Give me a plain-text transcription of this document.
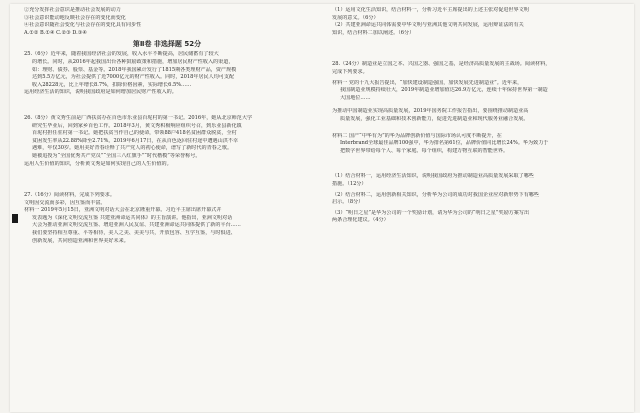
②充分发挥社会意识是推动社会发展的动力
③社会意识能动地反映社会存在的变化而变化
④社会意识随社会变化与社会存在的变化具有同步性
A.①② B.①④ C.②③ D.③④
第Ⅱ卷 非选择题 52分
25.（6分）近年来，随着我国经济社会的发展，收入水平不断提高，居民储蓄有了较大
的增长。同时，从2016年起我国出台各种鼓励政策和措施，增加居民财产性收入的渠道，
如：理财、债券、股票、基金等。2018年我国累计发行了1815期各类理财产品，资产规模
达到5.5万亿元，为社会提供了近7000亿元的财产性收入。同时，2018年居民人均可支配
收入28228元，比上年增长8.7%，扣除价格因素，实际增长6.5%……
运用经济生活的知识，说明我国政府是如何增加居民财产性收入的。
26.（8分）黄文秀生前是广西扶贫办在百色市乐业县百坭村的第一书记。2016年，她从北京师范大学
研究生毕业后，回到家乡百色工作。2018年3月，黄文秀积极响应组织号召，到乐业县新化镇
百坭村担任驻村第一书记。她把扶贫当作自己的使命，带领88户418名贫困群众脱贫，全村
贫困发生率从22.88%降至2.71%。2019年6月17日，在从百色返回驻村途中遭遇山洪不幸
遇难，年仅30岁。她用美好青春诠释了共产党人的初心使命，谱写了新时代的青春之歌。
她被追授为“全国优秀共产党员”“全国三八红旗手”“时代楷模”等荣誉称号。
运用人生价值的知识，分析黄文秀是如何实现自己的人生价值的。
27.（16分）阅读材料，完成下列要求。
文明因交流而多彩，因互鉴而丰富。
材料一 2019年5月15日，亚洲文明对话大会在北京隆重开幕。习近平主席出席开幕式并
发表题为《深化文明交流互鉴 共建亚洲命运共同体》的主旨演讲。他指出，亚洲文明对话
大会为推动亚洲文明交流互鉴、增进亚洲人民友谊、共建亚洲命运共同体提供了新的平台……
我们要坚持相互尊重、平等相待，美人之美、美美与共，开放包容、互学互鉴，与时俱进、
创新发展，共同创造亚洲和世界美好未来。
（1）运用文化生活知识，结合材料一，分析习近平主席提出的上述主张对促进世界文明
发展的意义。（6分）
（2）共建亚洲命运共同体需要中华文明与亚洲其他文明共同发展，运用辩证法的有关
知识，结合材料二加以阐述。（6分）
28.（24分）制造业是立国之本、兴国之器、强国之基，是经济高质量发展的主战场。阅读材料，
完成下列要求。
材料一 党的十九大报告提出，“加快建设制造强国，加快发展先进制造业”。近年来，
我国制造业规模持续壮大，2019年制造业增加值达26.9万亿元，连续十年保持世界第一制造
大国地位……
为推动中国制造业实现高质量发展，2019年国务院工作报告指出，要围绕推动制造业高
质量发展，强化工业基础和技术创新能力，促进先进制造业和现代服务业融合发展。
材料二 国产“中华有为”的华为品牌创新价值与国际市场认可度不断提升，在
Interbrand全球最佳品牌100强中，华为排名第61位，品牌价值同比增长24%。华为致力于
把数字世界带给每个人、每个家庭、每个组织，构建万物互联的智能世界。
（1）结合材料一，运用经济生活知识，说明我国政府为推动制造业高质量发展采取了哪些
措施。（12分）
（2）结合材料二，运用创新相关知识，分析华为公司的成功对我国企业应对新形势下有哪些
启示。（8分）
（3）“明日之星”是华为公司的一个奖励计划，请为华为公司的“明日之星”奖励方案写出
两条合理化建议。（4分）
